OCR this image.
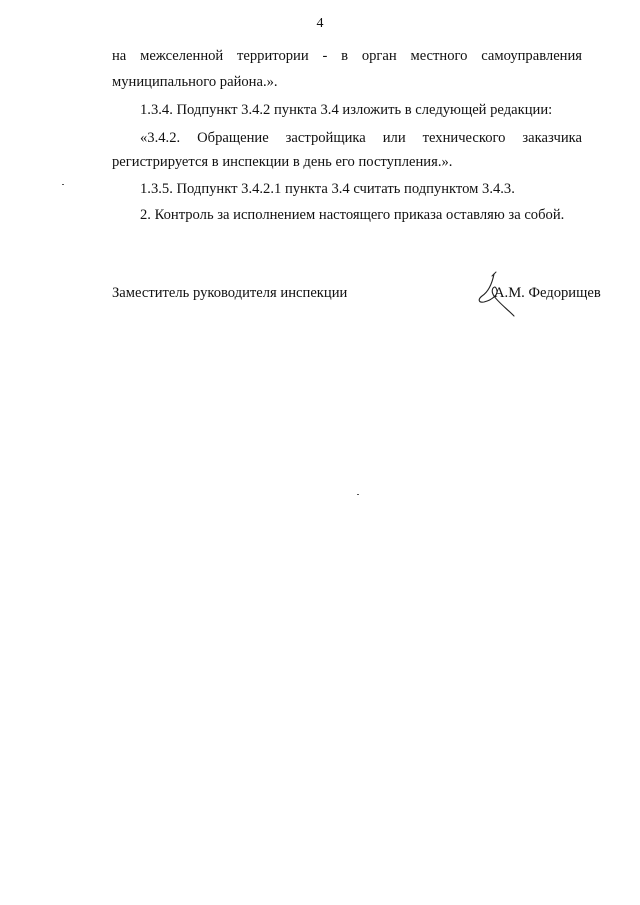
4
на межселенной территории - в орган местного самоуправления
муниципального района.».
1.3.4. Подпункт 3.4.2 пункта 3.4 изложить в следующей редакции:
«3.4.2. Обращение застройщика или технического заказчика
регистрируется в инспекции в день его поступления.».
1.3.5. Подпункт 3.4.2.1 пункта 3.4 считать подпунктом 3.4.3.
2. Контроль за исполнением настоящего приказа оставляю за собой.
Заместитель руководителя инспекции	А.М. Федорищев
